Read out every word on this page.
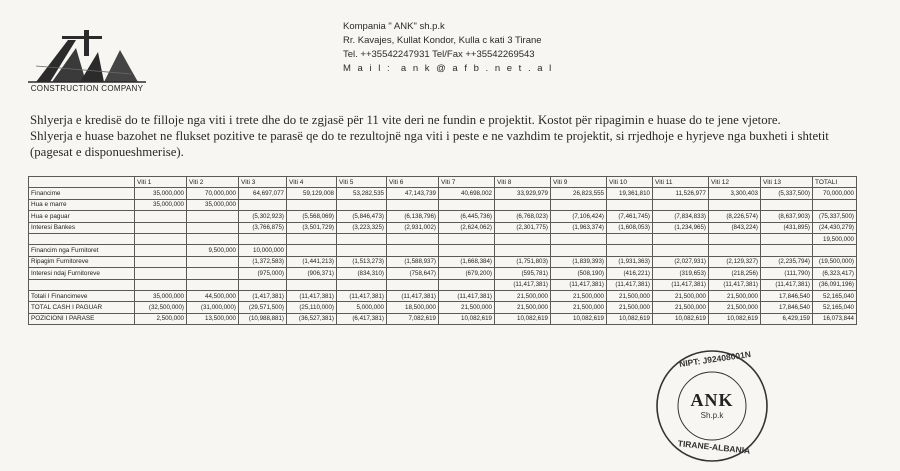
CONSTRUCTION COMPANY
Kompania " ANK" sh.p.k
Rr. Kavajes, Kullat Kondor, Kulla c kati 3 Tirane
Tel. ++35542247931 Tel/Fax ++35542269543
M a i l : a n k @ a f b . n e t . a l

Shlyerja e kredisë do te filloje nga viti i trete dhe do te zgjasë për 11 vite deri ne fundin e projektit. Kostot për ripagimin e huase do te jene vjetore.

Shlyerja e huase bazohet ne flukset pozitive te parasë qe do te rezultojnë nga viti i peste e ne vazhdim te projektit, si rrjedhoje e hyrjeve nga buxheti i shtetit (pagesat e disponueshmerise).

	Viti 1	Viti 2	Viti 3	Viti 4	Viti 5	Viti 6	Viti 7	Viti 8	Viti 9	Viti 10	Viti 11	Viti 12	Viti 13	TOTALI
Financime	35,000,000	70,000,000	64,697,077	59,129,008	53,282,535	47,143,739	40,698,002	33,929,979	26,823,555	19,361,810	11,526,977	3,300,403	(5,337,500)	70,000,000
Hua e marre	35,000,000	35,000,000												
Hua e paguar			(5,302,923)	(5,568,069)	(5,846,473)	(6,138,796)	(6,445,736)	(6,768,023)	(7,106,424)	(7,461,745)	(7,834,833)	(8,226,574)	(8,637,903)	(75,337,500)
Interesi Bankes			(3,766,875)	(3,501,729)	(3,223,325)	(2,931,002)	(2,624,062)	(2,301,775)	(1,963,374)	(1,608,053)	(1,234,965)	(843,224)	(431,895)	(24,430,279)
														19,500,000
Financim nga Furnitoret		9,500,000	10,000,000											
Ripagim Furnitoreve			(1,372,583)	(1,441,213)	(1,513,273)	(1,588,937)	(1,668,384)	(1,751,803)	(1,839,393)	(1,931,363)	(2,027,931)	(2,129,327)	(2,235,794)	(19,500,000)
Interesi ndaj Furnitoreve			(975,000)	(906,371)	(834,310)	(758,647)	(679,200)	(595,781)	(508,190)	(416,221)	(319,653)	(218,256)	(111,790)	(6,323,417)
								(11,417,381)	(11,417,381)	(11,417,381)	(11,417,381)	(11,417,381)	(11,417,381)	(36,091,196)
Totali I Financimeve	35,000,000	44,500,000	(1,417,381)	(11,417,381)	(11,417,381)	(11,417,381)	(11,417,381)	21,500,000	21,500,000	21,500,000	21,500,000	21,500,000	17,846,540	52,165,040
TOTAL CASH I PAGUAR	(32,500,000)	(31,000,000)	(29,571,500)	(25,110,000)	5,000,000	18,500,000	21,500,000	21,500,000	21,500,000	21,500,000	21,500,000	21,500,000	17,846,540	52,165,040
POZICIONI I PARASE	2,500,000	13,500,000	(10,988,881)	(36,527,381)	(6,417,381)	7,082,619	10,082,619	10,082,619	10,082,619	10,082,619	10,082,619	10,082,619	6,429,159	16,073,844
NIPT: J92408001N
ANK
Sh.p.k
TIRANE-ALBANIA
